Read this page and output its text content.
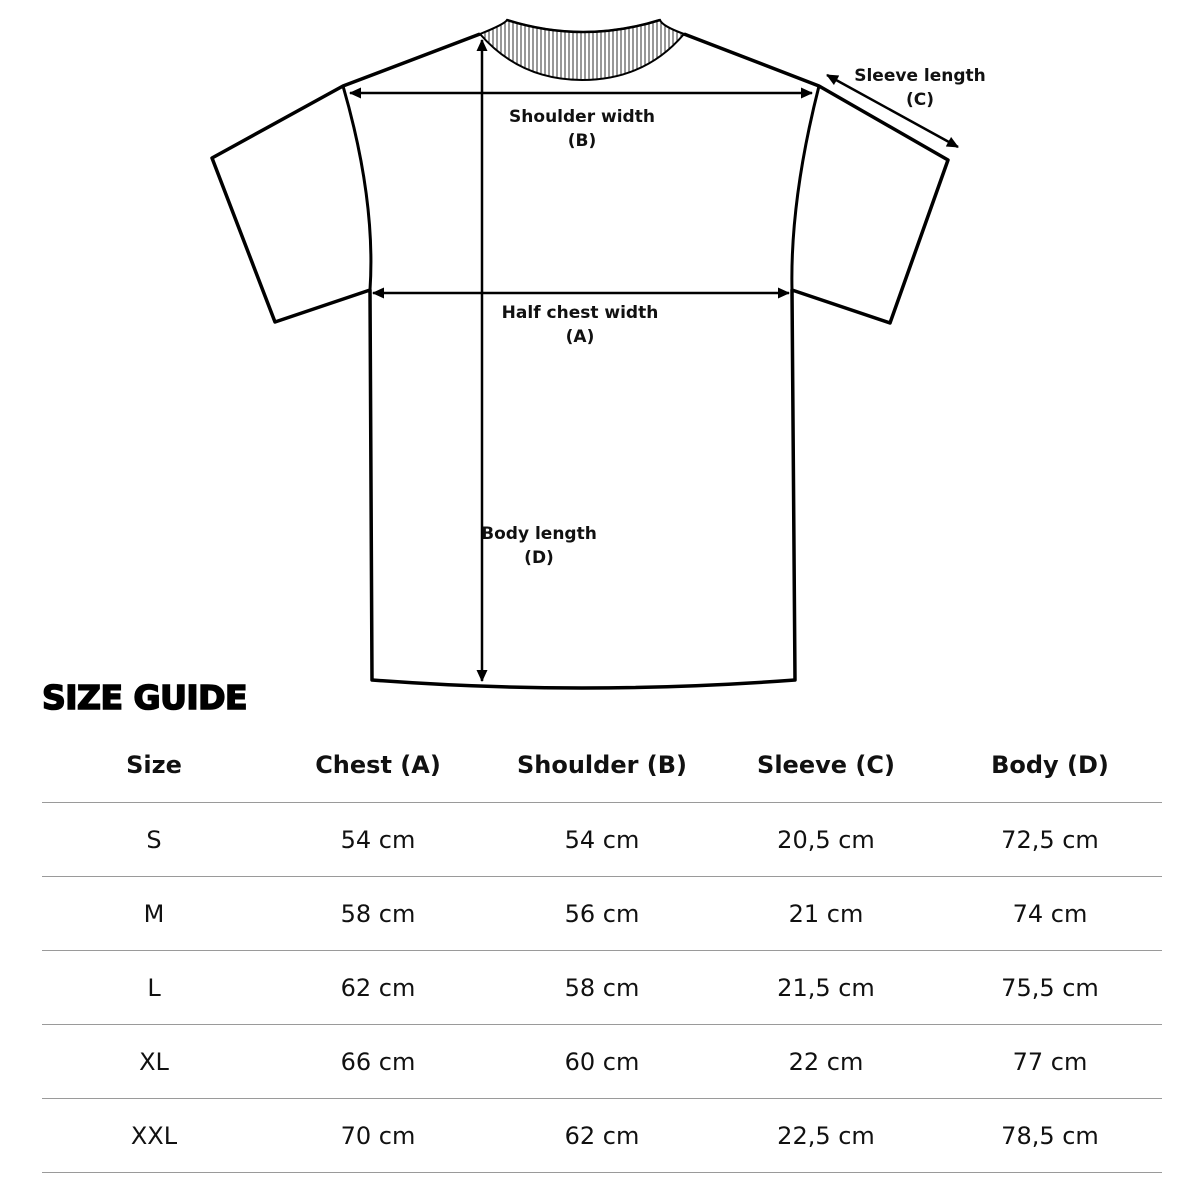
Shoulder width
(B)
Sleeve length
(C)
Half chest width
(A)
Body length
(D)
SIZE GUIDE
Size	Chest (A)	Shoulder (B)	Sleeve (C)	Body (D)
S	54 cm	54 cm	20,5 cm	72,5 cm
M	58 cm	56 cm	21 cm	74 cm
L	62 cm	58 cm	21,5 cm	75,5 cm
XL	66 cm	60 cm	22 cm	77 cm
XXL	70 cm	62 cm	22,5 cm	78,5 cm
